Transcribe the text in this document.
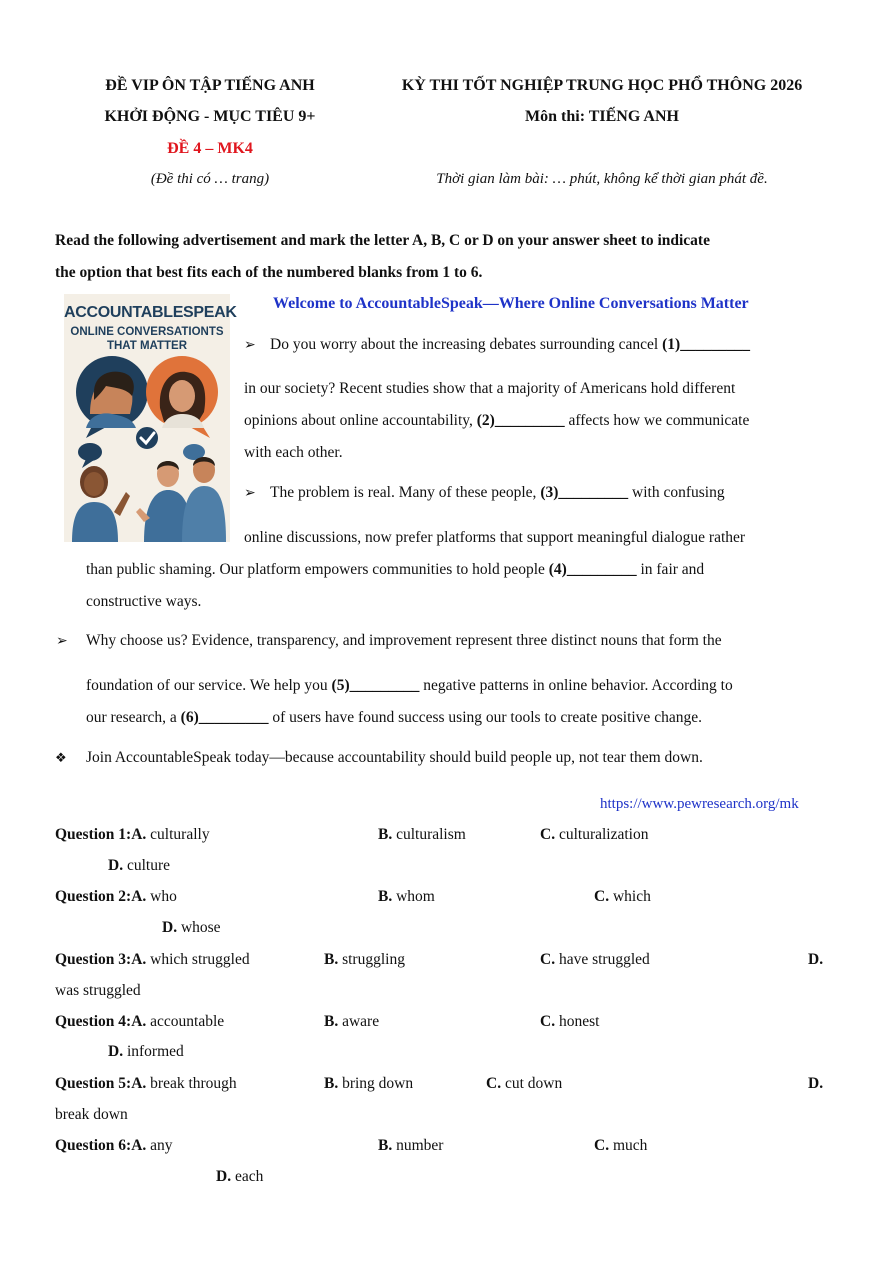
ĐỀ VIP ÔN TẬP TIẾNG ANH
KHỞI ĐỘNG - MỤC TIÊU 9+
ĐỀ 4 – MK4
(Đề thi có … trang)
KỲ THI TỐT NGHIỆP TRUNG HỌC PHỔ THÔNG 2026
Môn thi: TIẾNG ANH
Thời gian làm bài: … phút, không kể thời gian phát đề.
Read the following advertisement and mark the letter A, B, C or D on your answer sheet to indicate
the option that best fits each of the numbered blanks from 1 to 6.
ACCOUNTABLESPEAK
ONLINE CONVERSATIONTS THAT MATTER
Welcome to AccountableSpeak—Where Online Conversations Matter
➢ Do you worry about the increasing debates surrounding cancel (1)_________
in our society? Recent studies show that a majority of Americans hold different
opinions about online accountability, (2)_________ affects how we communicate
with each other.
➢ The problem is real. Many of these people, (3)_________ with confusing
online discussions, now prefer platforms that support meaningful dialogue rather
than public shaming. Our platform empowers communities to hold people (4)_________ in fair and
constructive ways.
➢ Why choose us? Evidence, transparency, and improvement represent three distinct nouns that form the
foundation of our service. We help you (5)_________ negative patterns in online behavior. According to
our research, a (6)_________ of users have found success using our tools to create positive change.
❖ Join AccountableSpeak today—because accountability should build people up, not tear them down.
https://www.pewresearch.org/mk
Question 1:A. culturally	B. culturalism	C. culturalization
D. culture
Question 2:A. who	B. whom	C. which
D. whose
Question 3:A. which struggled	B. struggling	C. have struggled	D.
was struggled
Question 4:A. accountable	B. aware	C. honest
D. informed
Question 5:A. break through	B. bring down	C. cut down	D.
break down
Question 6:A. any	B. number	C. much
D. each
